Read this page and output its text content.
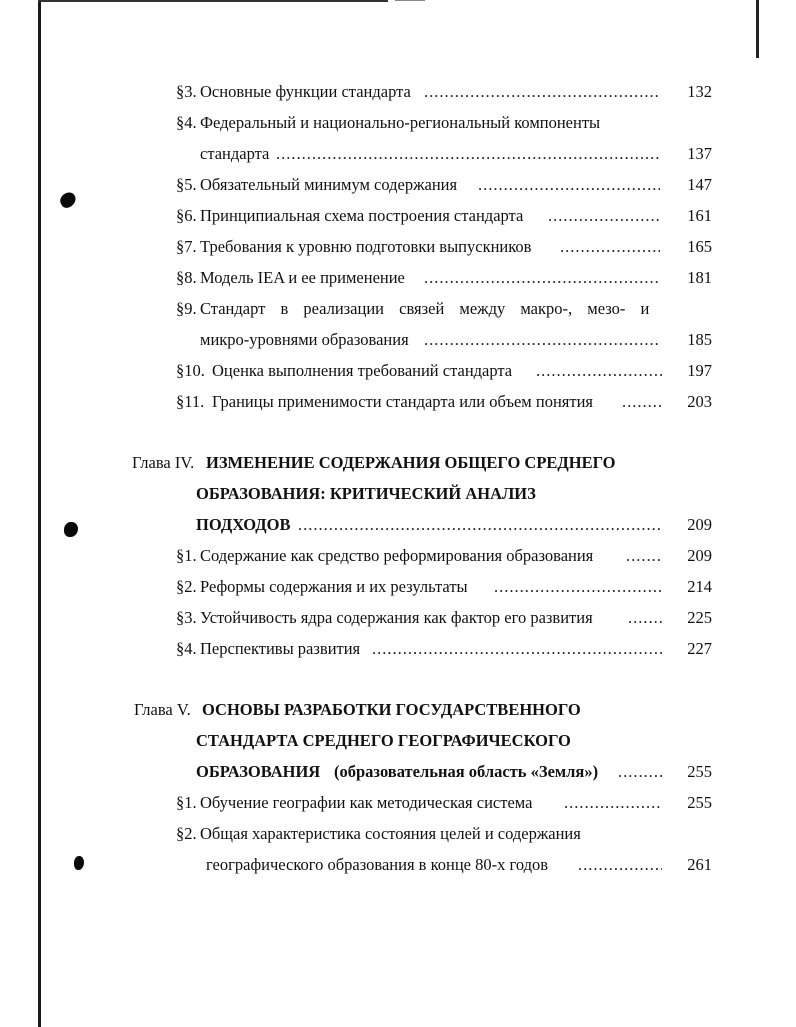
§3. Основные функции стандарта .....	132
§4. Федеральный и национально-региональный компоненты
стандарта .....	137
§5. Обязательный минимум содержания .....	147
§6. Принципиальная схема построения стандарта .....	161
§7. Требования к уровню подготовки выпускников .....	165
§8. Модель IEA и ее применение .....	181
§9. Стандарт в реализации связей между макро-, мезо- и
микро-уровнями образования .....	185
§10. Оценка выполнения требований стандарта .....	197
§11. Границы применимости стандарта или объем понятия .....	203
Глава IV. ИЗМЕНЕНИЕ СОДЕРЖАНИЯ ОБЩЕГО СРЕДНЕГО
ОБРАЗОВАНИЯ: КРИТИЧЕСКИЙ АНАЛИЗ
ПОДХОДОВ .....	209
§1. Содержание как средство реформирования образования .....	209
§2. Реформы содержания и их результаты .....	214
§3. Устойчивость ядра содержания как фактор его развития .....	225
§4. Перспективы развития .....	227
Глава V. ОСНОВЫ РАЗРАБОТКИ ГОСУДАРСТВЕННОГО
СТАНДАРТА СРЕДНЕГО ГЕОГРАФИЧЕСКОГО
ОБРАЗОВАНИЯ (образовательная область «Земля») .....	255
§1. Обучение географии как методическая система .....	255
§2. Общая характеристика состояния целей и содержания
географического образования в конце 80-х годов .....	261
